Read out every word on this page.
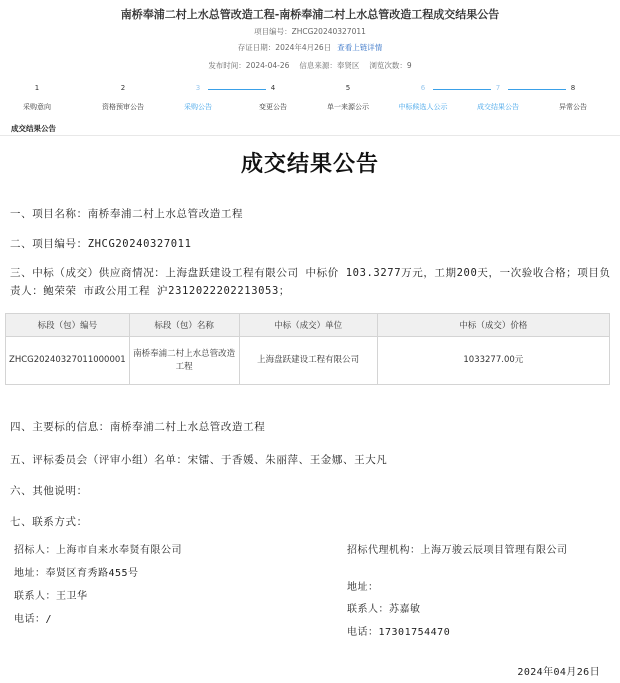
南桥奉浦二村上水总管改造工程-南桥奉浦二村上水总管改造工程成交结果公告
项目编号：ZHCG20240327011
存证日期：2024年4月26日 查看上链详情
发布时间：2024-04-26 信息来源：奉贤区 浏览次数：9
1
采购意向
2
资格预审公告
3
采购公告
4
变更公告
5
单一来源公示
6
中标候选人公示
7
成交结果公告
8
异常公告
成交结果公告
成交结果公告
一、项目名称：南桥奉浦二村上水总管改造工程
二、项目编号：ZHCG20240327011
三、中标（成交）供应商情况：上海盘跃建设工程有限公司 中标价 103.3277万元，工期200天，一次验收合格；项目负责人：鲍荣荣 市政公用工程 沪2312022202213053；
标段（包）编号	标段（包）名称	中标（成交）单位	中标（成交）价格
ZHCG20240327011000001	南桥奉浦二村上水总管改造工程	上海盘跃建设工程有限公司	1033277.00元
四、主要标的信息：南桥奉浦二村上水总管改造工程
五、评标委员会（评审小组）名单：宋镭、于香媛、朱丽萍、王金娜、王大凡
六、其他说明：
七、联系方式：
招标人：上海市自来水奉贤有限公司
地址：奉贤区育秀路455号
联系人：王卫华
电话：/
招标代理机构：上海万骏云辰项目管理有限公司
地址：
联系人：苏嘉敏
电话：17301754470
2024年04月26日
